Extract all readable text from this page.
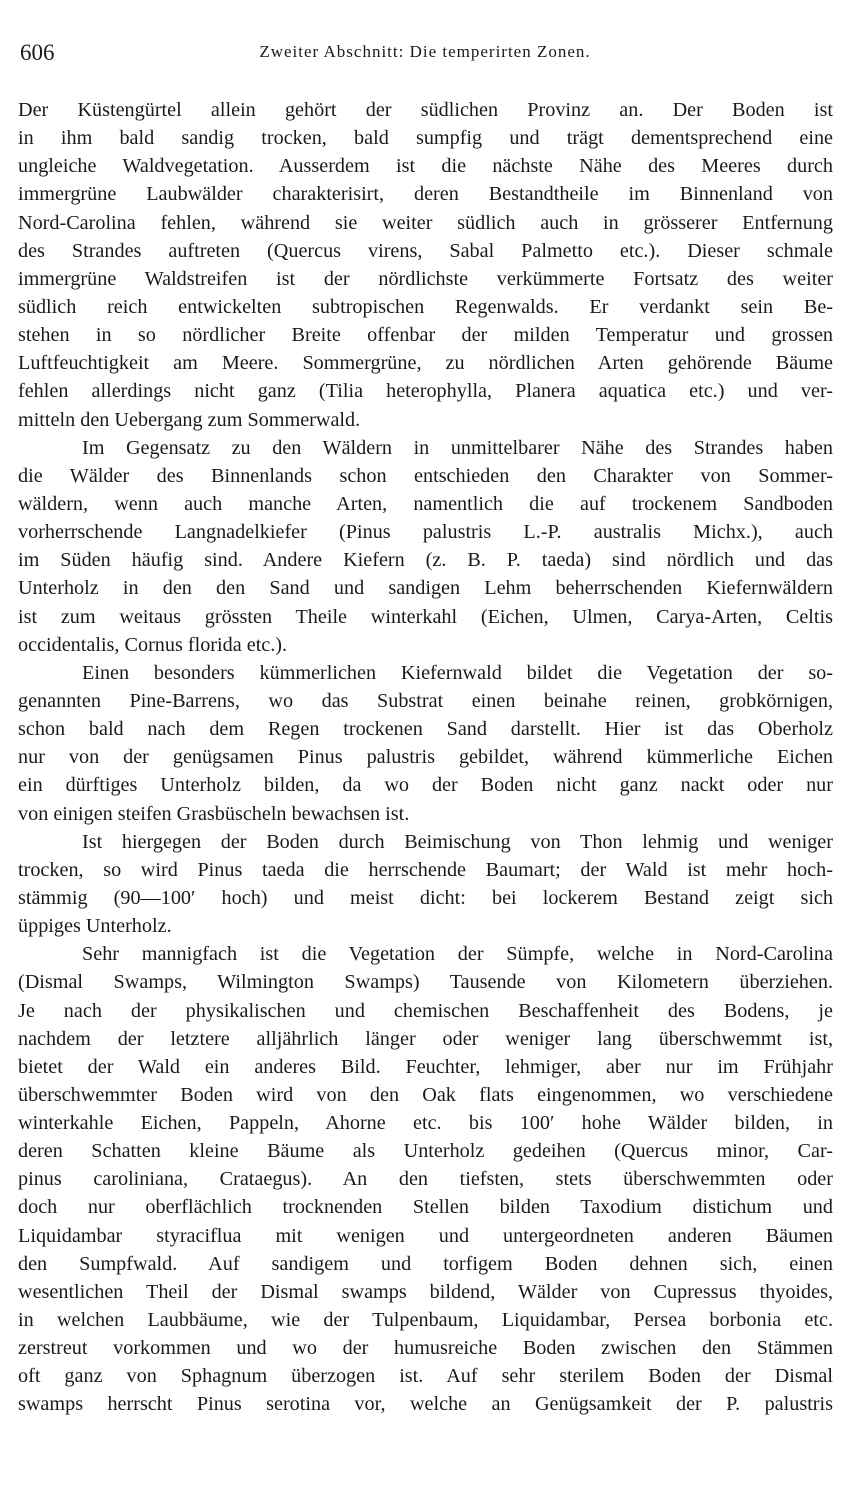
606	Zweiter Abschnitt: Die temperirten Zonen.
Der Küstengürtel allein gehört der südlichen Provinz an. Der Boden ist
in ihm bald sandig trocken, bald sumpfig und trägt dementsprechend eine
ungleiche Waldvegetation. Ausserdem ist die nächste Nähe des Meeres durch
immergrüne Laubwälder charakterisirt, deren Bestandtheile im Binnenland von
Nord-Carolina fehlen, während sie weiter südlich auch in grösserer Entfernung
des Strandes auftreten (Quercus virens, Sabal Palmetto etc.). Dieser schmale
immergrüne Waldstreifen ist der nördlichste verkümmerte Fortsatz des weiter
südlich reich entwickelten subtropischen Regenwalds. Er verdankt sein Be-
stehen in so nördlicher Breite offenbar der milden Temperatur und grossen
Luftfeuchtigkeit am Meere. Sommergrüne, zu nördlichen Arten gehörende Bäume
fehlen allerdings nicht ganz (Tilia heterophylla, Planera aquatica etc.) und ver-
mitteln den Uebergang zum Sommerwald.
Im Gegensatz zu den Wäldern in unmittelbarer Nähe des Strandes haben
die Wälder des Binnenlands schon entschieden den Charakter von Sommer-
wäldern, wenn auch manche Arten, namentlich die auf trockenem Sandboden
vorherrschende Langnadelkiefer (Pinus palustris L.-P. australis Michx.), auch
im Süden häufig sind. Andere Kiefern (z. B. P. taeda) sind nördlich und das
Unterholz in den den Sand und sandigen Lehm beherrschenden Kiefernwäldern
ist zum weitaus grössten Theile winterkahl (Eichen, Ulmen, Carya-Arten, Celtis
occidentalis, Cornus florida etc.).
Einen besonders kümmerlichen Kiefernwald bildet die Vegetation der so-
genannten Pine-Barrens, wo das Substrat einen beinahe reinen, grobkörnigen,
schon bald nach dem Regen trockenen Sand darstellt. Hier ist das Oberholz
nur von der genügsamen Pinus palustris gebildet, während kümmerliche Eichen
ein dürftiges Unterholz bilden, da wo der Boden nicht ganz nackt oder nur
von einigen steifen Grasbüscheln bewachsen ist.
Ist hiergegen der Boden durch Beimischung von Thon lehmig und weniger
trocken, so wird Pinus taeda die herrschende Baumart; der Wald ist mehr hoch-
stämmig (90—100′ hoch) und meist dicht: bei lockerem Bestand zeigt sich
üppiges Unterholz.
Sehr mannigfach ist die Vegetation der Sümpfe, welche in Nord-Carolina
(Dismal Swamps, Wilmington Swamps) Tausende von Kilometern überziehen.
Je nach der physikalischen und chemischen Beschaffenheit des Bodens, je
nachdem der letztere alljährlich länger oder weniger lang überschwemmt ist,
bietet der Wald ein anderes Bild. Feuchter, lehmiger, aber nur im Frühjahr
überschwemmter Boden wird von den Oak flats eingenommen, wo verschiedene
winterkahle Eichen, Pappeln, Ahorne etc. bis 100′ hohe Wälder bilden, in
deren Schatten kleine Bäume als Unterholz gedeihen (Quercus minor, Car-
pinus caroliniana, Crataegus). An den tiefsten, stets überschwemmten oder
doch nur oberflächlich trocknenden Stellen bilden Taxodium distichum und
Liquidambar styraciflua mit wenigen und untergeordneten anderen Bäumen
den Sumpfwald. Auf sandigem und torfigem Boden dehnen sich, einen
wesentlichen Theil der Dismal swamps bildend, Wälder von Cupressus thyoides,
in welchen Laubbäume, wie der Tulpenbaum, Liquidambar, Persea borbonia etc.
zerstreut vorkommen und wo der humusreiche Boden zwischen den Stämmen
oft ganz von Sphagnum überzogen ist. Auf sehr sterilem Boden der Dismal
swamps herrscht Pinus serotina vor, welche an Genügsamkeit der P. palustris
